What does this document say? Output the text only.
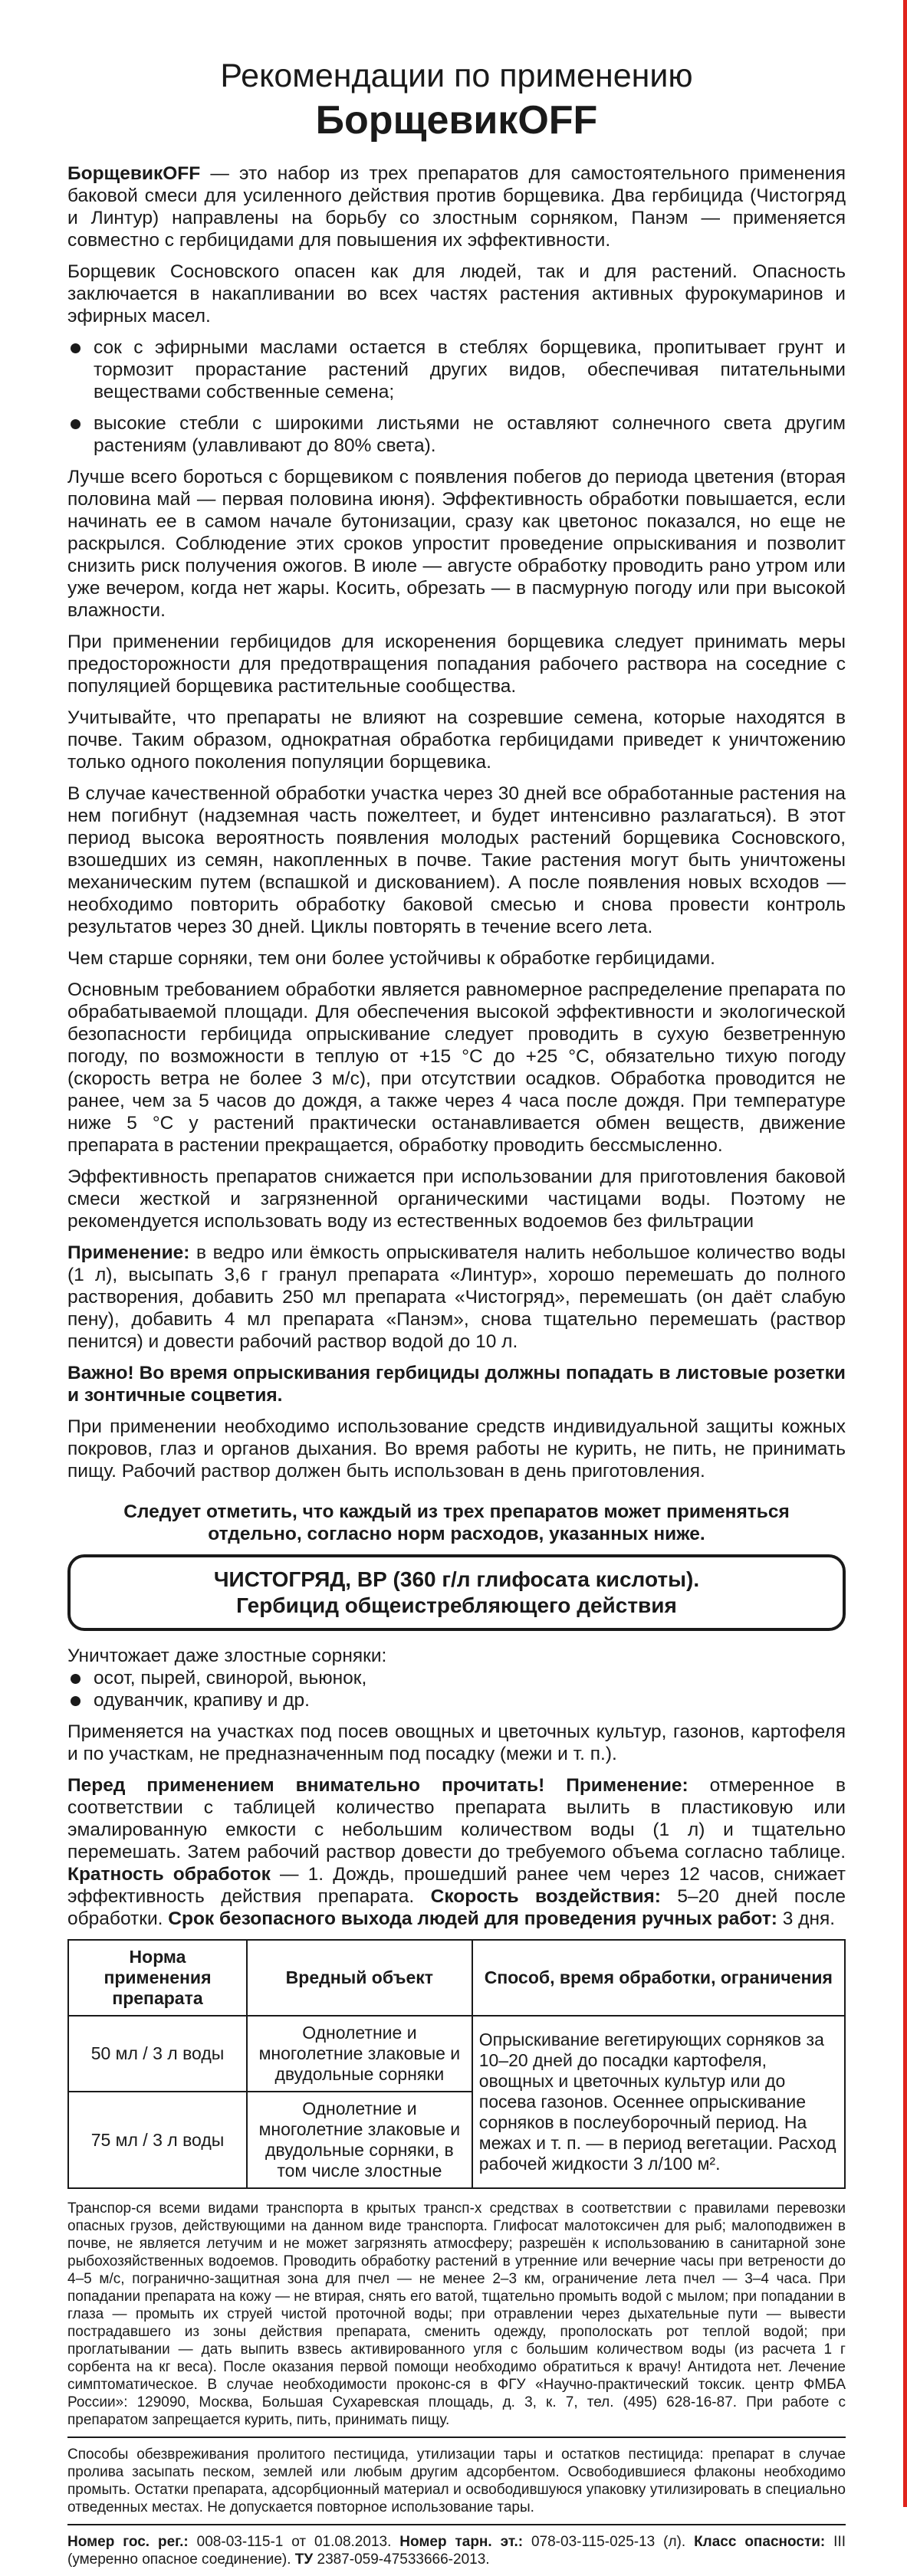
Рекомендации по применению
БорщевикOFF

БорщевикOFF — это набор из трех препаратов для самостоятельного применения баковой смеси для усиленного действия против борщевика. Два гербицида (Чистогряд и Линтур) направлены на борьбу со злостным сорняком, Панэм — применяется совместно с гербицидами для повышения их эффективности.

Борщевик Сосновского опасен как для людей, так и для растений. Опасность заключается в накапливании во всех частях растения активных фурокумаринов и эфирных масел.

сок с эфирными маслами остается в стеблях борщевика, пропитывает грунт и тормозит прорастание растений других видов, обеспечивая питательными веществами собственные семена;

высокие стебли с широкими листьями не оставляют солнечного света другим растениям (улавливают до 80% света).

Лучше всего бороться с борщевиком с появления побегов до периода цветения (вторая половина май — первая половина июня). Эффективность обработки повышается, если начинать ее в самом начале бутонизации, сразу как цветонос показался, но еще не раскрылся. Соблюдение этих сроков упростит проведение опрыскивания и позволит снизить риск получения ожогов. В июле — августе обработку проводить рано утром или уже вечером, когда нет жары. Косить, обрезать — в пасмурную погоду или при высокой влажности.

При применении гербицидов для искоренения борщевика следует принимать меры предосторожности для предотвращения попадания рабочего раствора на соседние с популяцией борщевика растительные сообщества.

Учитывайте, что препараты не влияют на созревшие семена, которые находятся в почве. Таким образом, однократная обработка гербицидами приведет к уничтожению только одного поколения популяции борщевика.

В случае качественной обработки участка через 30 дней все обработанные растения на нем погибнут (надземная часть пожелтеет, и будет интенсивно разлагаться). В этот период высока вероятность появления молодых растений борщевика Сосновского, взошедших из семян, накопленных в почве. Такие растения могут быть уничтожены механическим путем (вспашкой и дискованием). А после появления новых всходов — необходимо повторить обработку баковой смесью и снова провести контроль результатов через 30 дней. Циклы повторять в течение всего лета.

Чем старше сорняки, тем они более устойчивы к обработке гербицидами.

Основным требованием обработки является равномерное распределение препарата по обрабатываемой площади. Для обеспечения высокой эффективности и экологической безопасности гербицида опрыскивание следует проводить в сухую безветренную погоду, по возможности в теплую от +15 °С до +25 °С, обязательно тихую погоду (скорость ветра не более 3 м/с), при отсутствии осадков. Обработка проводится не ранее, чем за 5 часов до дождя, а также через 4 часа после дождя. При температуре ниже 5 °С у растений практически останавливается обмен веществ, движение препарата в растении прекращается, обработку проводить бессмысленно.

Эффективность препаратов снижается при использовании для приготовления баковой смеси жесткой и загрязненной органическими частицами воды. Поэтому не рекомендуется использовать воду из естественных водоемов без фильтрации

Применение: в ведро или ёмкость опрыскивателя налить небольшое количество воды (1 л), высыпать 3,6 г гранул препарата «Линтур», хорошо перемешать до полного растворения, добавить 250 мл препарата «Чистогряд», перемешать (он даёт слабую пену), добавить 4 мл препарата «Панэм», снова тщательно перемешать (раствор пенится) и довести рабочий раствор водой до 10 л.

Важно! Во время опрыскивания гербициды должны попадать в листовые розетки и зонтичные соцветия.

При применении необходимо использование средств индивидуальной защиты кожных покровов, глаз и органов дыхания. Во время работы не курить, не пить, не принимать пищу. Рабочий раствор должен быть использован в день приготовления.

Следует отметить, что каждый из трех препаратов может применяться
отдельно, согласно норм расходов, указанных ниже.
ЧИСТОГРЯД, ВР (360 г/л глифосата кислоты).
Гербицид общеистребляющего действия
Уничтожает даже злостные сорняки:
осот, пырей, свинорой, вьюнок,
одуванчик, крапиву и др.

Применяется на участках под посев овощных и цветочных культур, газонов, картофеля и по участкам, не предназначенным под посадку (межи и т. п.).

Перед применением внимательно прочитать! Применение: отмеренное в соответствии с таблицей количество препарата вылить в пластиковую или эмалированную емкости с небольшим количеством воды (1 л) и тщательно перемешать. Затем рабочий раствор довести до требуемого объема согласно таблице. Кратность обработок — 1. Дождь, прошедший ранее чем через 12 часов, снижает эффективность действия препарата. Скорость воздействия: 5–20 дней после обработки. Срок безопасного выхода людей для проведения ручных работ: 3 дня.

Норма применения препарата	Вредный объект	Способ, время обработки, ограничения
50 мл / 3 л воды	Однолетние и многолетние злаковые и двудольные сорняки	Опрыскивание вегетирующих сорняков за 10–20 дней до посадки картофеля, овощных и цветочных культур или до посева газонов. Осеннее опрыскивание сорняков в послеуборочный период. На межах и т. п. — в период вегетации. Расход рабочей жидкости 3 л/100 м².
75 мл / 3 л воды	Однолетние и многолетние злаковые и двудольные сорняки, в том числе злостные	

Транспор-ся всеми видами транспорта в крытых трансп-х средствах в соответствии с правилами перевозки опасных грузов, действующими на данном виде транспорта. Глифосат малотоксичен для рыб; малоподвижен в почве, не является летучим и не может загрязнять атмосферу; разрешён к использованию в санитарной зоне рыбохозяйственных водоемов. Проводить обработку растений в утренние или вечерние часы при ветрености до 4–5 м/с, погранично-защитная зона для пчел — не менее 2–3 км, ограничение лета пчел — 3–4 часа. При попадании препарата на кожу — не втирая, снять его ватой, тщательно промыть водой с мылом; при попадании в глаза — промыть их струей чистой проточной воды; при отравлении через дыхательные пути — вывести пострадавшего из зоны действия препарата, сменить одежду, прополоскать рот теплой водой; при проглатывании — дать выпить взвесь активированного угля с большим количеством воды (из расчета 1 г сорбента на кг веса). После оказания первой помощи необходимо обратиться к врачу! Антидота нет. Лечение симптоматическое. В случае необходимости проконс-ся в ФГУ «Научно-практический токсик. центр ФМБА России»: 129090, Москва, Большая Сухаревская площадь, д. 3, к. 7, тел. (495) 628-16-87. При работе с препаратом запрещается курить, пить, принимать пищу.

Способы обезвреживания пролитого пестицида, утилизации тары и остатков пестицида: препарат в случае пролива засыпать песком, землей или любым другим адсорбентом. Освободившиеся флаконы необходимо промыть. Остатки препарата, адсорбционный материал и освободившуюся упаковку утилизировать в специально отведенных местах. Не допускается повторное использование тары.

Номер гос. рег.: 008-03-115-1 от 01.08.2013. Номер тарн. эт.: 078-03-115-025-13 (л). Класс опасности: III (умеренно опасное соединение). ТУ 2387-059-47533666-2013.
